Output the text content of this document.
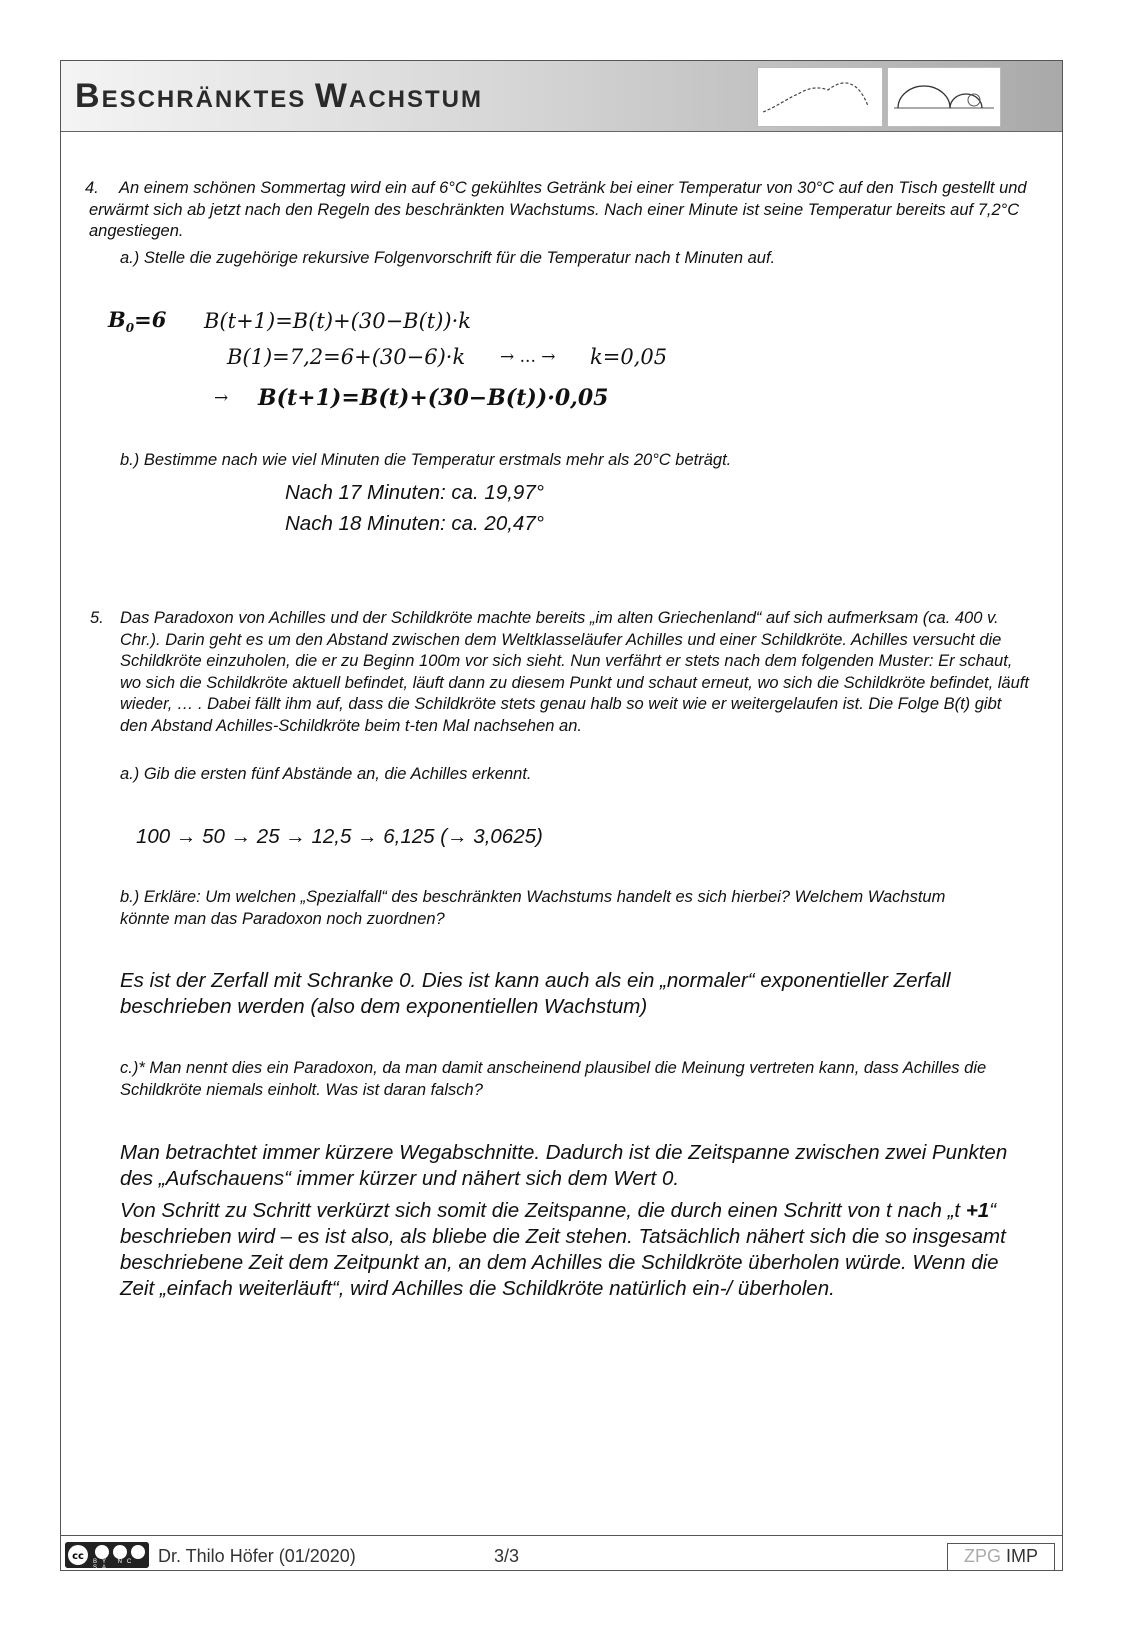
BESCHRÄNKTES WACHSTUM
4.	An einem schönen Sommertag wird ein auf 6°C gekühltes Getränk bei einer Temperatur von 30°C auf den Tisch gestellt und erwärmt sich ab jetzt nach den Regeln des beschränkten Wachstums. Nach einer Minute ist seine Temperatur bereits auf 7,2°C angestiegen.
a.) Stelle die zugehörige rekursive Folgenvorschrift für die Temperatur nach t Minuten auf.
$B_0=6$ B(t+1)=B(t)+(30−B(t))·k
B(1)=7,2=6+(30−6)·k → ... → k=0,05
→ B(t+1)=B(t)+(30−B(t))·0,05
b.) Bestimme nach wie viel Minuten die Temperatur erstmals mehr als 20°C beträgt.
Nach 17 Minuten: ca. 19,97°
Nach 18 Minuten: ca. 20,47°
5. Das Paradoxon von Achilles und der Schildkröte machte bereits „im alten Griechenland“ auf sich aufmerksam (ca. 400 v. Chr.). Darin geht es um den Abstand zwischen dem Weltklasseläufer Achilles und einer Schildkröte. Achilles versucht die Schildkröte einzuholen, die er zu Beginn 100m vor sich sieht. Nun verfährt er stets nach dem folgenden Muster: Er schaut, wo sich die Schildkröte aktuell befindet, läuft dann zu diesem Punkt und schaut erneut, wo sich die Schildkröte befindet, läuft wieder, … . Dabei fällt ihm auf, dass die Schildkröte stets genau halb so weit wie er weitergelaufen ist. Die Folge B(t) gibt den Abstand Achilles-Schildkröte beim t-ten Mal nachsehen an.
a.) Gib die ersten fünf Abstände an, die Achilles erkennt.
100 → 50 → 25 → 12,5 → 6,125 (→ 3,0625)
b.) Erkläre: Um welchen „Spezialfall“ des beschränkten Wachstums handelt es sich hierbei? Welchem Wachstum könnte man das Paradoxon noch zuordnen?
Es ist der Zerfall mit Schranke 0. Dies ist kann auch als ein „normaler“ exponentieller Zerfall beschrieben werden (also dem exponentiellen Wachstum)
c.)* Man nennt dies ein Paradoxon, da man damit anscheinend plausibel die Meinung vertreten kann, dass Achilles die Schildkröte niemals einholt. Was ist daran falsch?
Man betrachtet immer kürzere Wegabschnitte. Dadurch ist die Zeitspanne zwischen zwei Punkten des „Aufschauens“ immer kürzer und nähert sich dem Wert 0.
Von Schritt zu Schritt verkürzt sich somit die Zeitspanne, die durch einen Schritt von t nach „t +1“ beschrieben wird – es ist also, als bliebe die Zeit stehen. Tatsächlich nähert sich die so insgesamt beschriebene Zeit dem Zeitpunkt an, an dem Achilles die Schildkröte überholen würde. Wenn die Zeit „einfach weiterläuft“, wird Achilles die Schildkröte natürlich ein-/ überholen.
cc BY NC SA
Dr. Thilo Höfer (01/2020)	3/3	ZPG IMP
